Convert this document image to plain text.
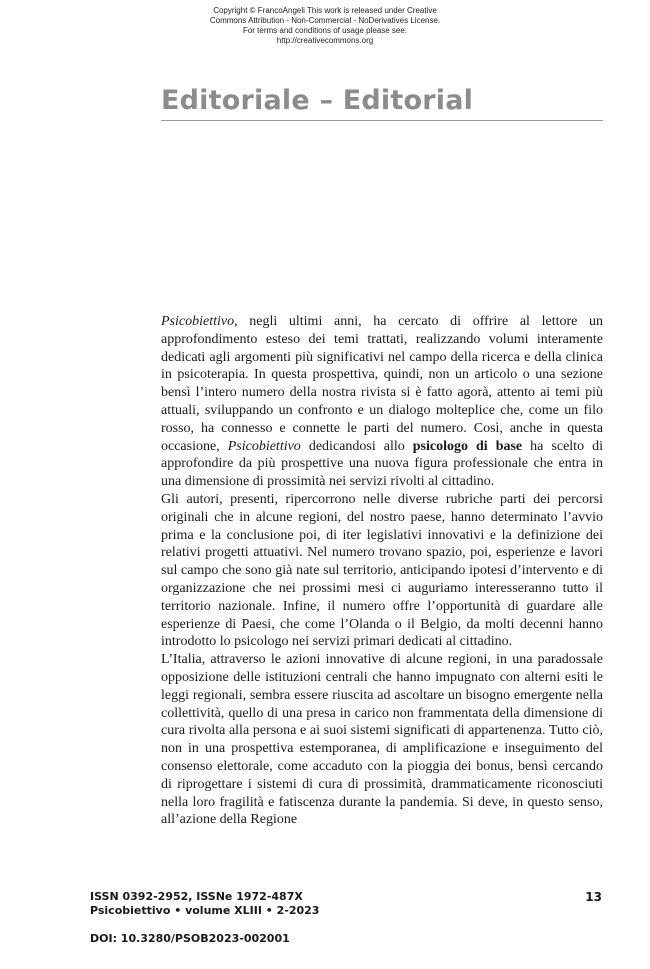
Copyright © FrancoAngeli This work is released under Creative
Commons Attribution - Non-Commercial - NoDerivatives License.
For terms and conditions of usage please see:
http://creativecommons.org
Editoriale – Editorial

Psicobiettivo, negli ultimi anni, ha cercato di offrire al lettore un approfondimento esteso dei temi trattati, realizzando volumi interamente dedicati agli argomenti più significativi nel campo della ricerca e della clinica in psicoterapia. In questa prospettiva, quindi, non un articolo o una sezione bensì l’intero numero della nostra rivista si è fatto agorà, attento ai temi più attuali, sviluppando un confronto e un dialogo molteplice che, come un filo rosso, ha connesso e connette le parti del numero. Così, anche in questa occasione, Psicobiettivo dedicandosi allo psicologo di base ha scelto di approfondire da più prospettive una nuova figura professionale che entra in una dimensione di prossimità nei servizi rivolti al cittadino.

Gli autori, presenti, ripercorrono nelle diverse rubriche parti dei percorsi originali che in alcune regioni, del nostro paese, hanno determinato l’avvio prima e la conclusione poi, di iter legislativi innovativi e la definizione dei relativi progetti attuativi. Nel numero trovano spazio, poi, esperienze e lavori sul campo che sono già nate sul territorio, anticipando ipotesi d’intervento e di organizzazione che nei prossimi mesi ci auguriamo interesseranno tutto il territorio nazionale. Infine, il numero offre l’opportunità di guardare alle esperienze di Paesi, che come l’Olanda o il Belgio, da molti decenni hanno introdotto lo psicologo nei servizi primari dedicati al cittadino.

L’Italia, attraverso le azioni innovative di alcune regioni, in una paradossale opposizione delle istituzioni centrali che hanno impugnato con alterni esiti le leggi regionali, sembra essere riuscita ad ascoltare un bisogno emergente nella collettività, quello di una presa in carico non frammentata della dimensione di cura rivolta alla persona e ai suoi sistemi significati di appartenenza. Tutto ciò, non in una prospettiva estemporanea, di amplificazione e inseguimento del consenso elettorale, come accaduto con la pioggia dei bonus, bensì cercando di riprogettare i sistemi di cura di prossimità, drammaticamente riconosciuti nella loro fragilità e fatiscenza durante la pandemia. Si deve, in questo senso, all’azione della Regione

ISSN 0392-2952, ISSNe 1972-487X
Psicobiettivo • volume XLIII • 2-2023
13
DOI: 10.3280/PSOB2023-002001
